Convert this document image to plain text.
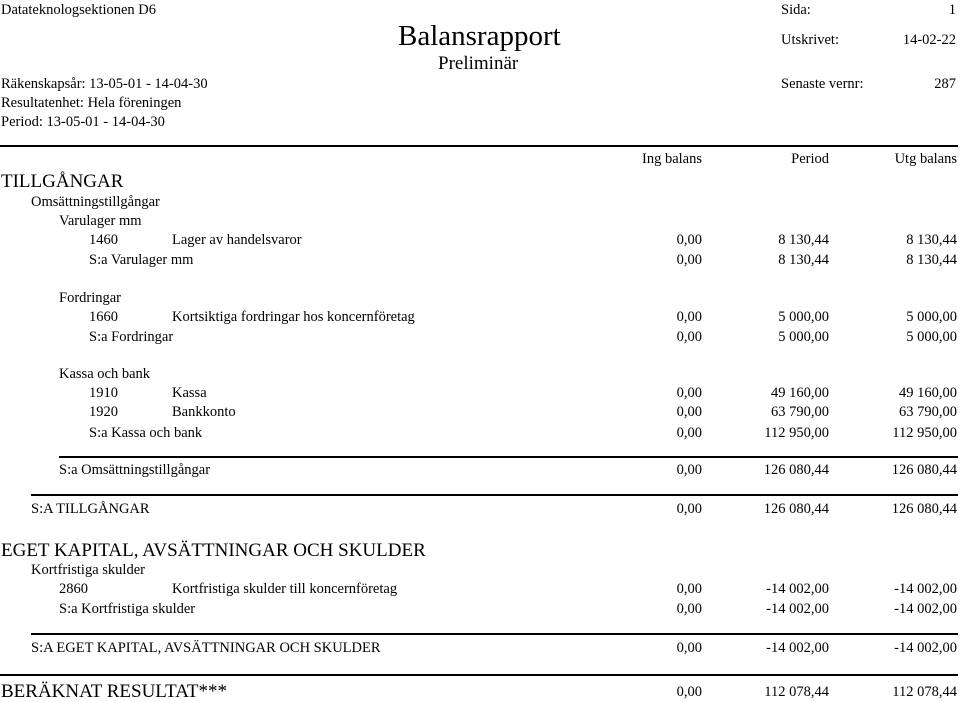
Datateknologsektionen D6	Sida:	1
Balansrapport	Utskrivet:	14-02-22
Preliminär
Räkenskapsår: 13-05-01 - 14-04-30	Senaste vernr:	287
Resultatenhet: Hela föreningen
Period: 13-05-01 - 14-04-30
Ing balans	Period	Utg balans
TILLGÅNGAR
Omsättningstillgångar
Varulager mm
1460	Lager av handelsvaror	0,00	8 130,44	8 130,44
S:a Varulager mm	0,00	8 130,44	8 130,44
Fordringar
1660	Kortsiktiga fordringar hos koncernföretag	0,00	5 000,00	5 000,00
S:a Fordringar	0,00	5 000,00	5 000,00
Kassa och bank
1910	Kassa	0,00	49 160,00	49 160,00
1920	Bankkonto	0,00	63 790,00	63 790,00
S:a Kassa och bank	0,00	112 950,00	112 950,00
S:a Omsättningstillgångar	0,00	126 080,44	126 080,44
S:A TILLGÅNGAR	0,00	126 080,44	126 080,44
EGET KAPITAL, AVSÄTTNINGAR OCH SKULDER
Kortfristiga skulder
2860	Kortfristiga skulder till koncernföretag	0,00	-14 002,00	-14 002,00
S:a Kortfristiga skulder	0,00	-14 002,00	-14 002,00
S:A EGET KAPITAL, AVSÄTTNINGAR OCH SKULDER	0,00	-14 002,00	-14 002,00
BERÄKNAT RESULTAT***	0,00	112 078,44	112 078,44
